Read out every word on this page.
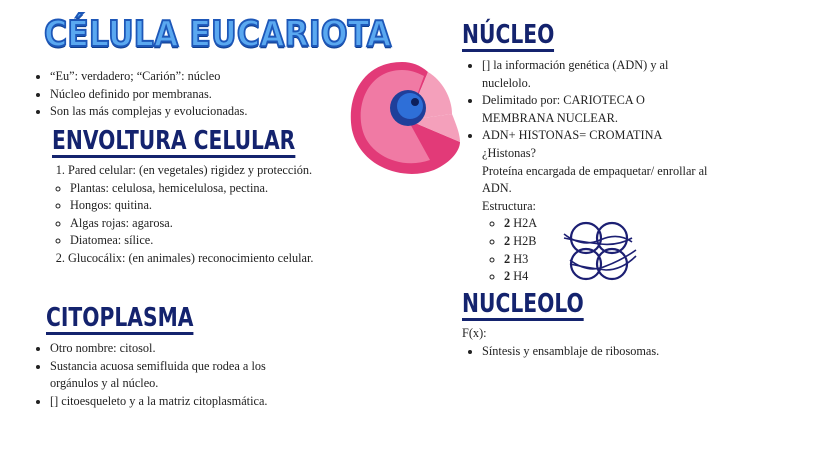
CÉLULA EUCARIOTA
• “Eu”: verdadero; “Carión”: núcleo
• Núcleo definido por membranas.
• Son las más complejas y evolucionadas.
ENVOLTURA CELULAR
1. Pared celular: (en vegetales) rigidez y protección.
◦ Plantas: celulosa, hemicelulosa, pectina.
◦ Hongos: quitina.
◦ Algas rojas: agarosa.
◦ Diatomea: sílice.
2. Glucocálix: (en animales) reconocimiento celular.
CITOPLASMA
• Otro nombre: citosol.
• Sustancia acuosa semifluida que rodea a los orgánulos y al núcleo.
• [] citoesqueleto y a la matriz citoplasmática.
NÚCLEO
• [] la información genética (ADN) y al nuclelolo.
• Delimitado por: CARIOTECA O MEMBRANA NUCLEAR.
• ADN+ HISTONAS= CROMATINA
¿Histonas?
Proteína encargada de empaquetar/ enrollar al ADN.
Estructura:
◦ 2 H2A
◦ 2 H2B
◦ 2 H3
◦ 2 H4
NUCLEOLO
F(x):
• Síntesis y ensamblaje de ribosomas.
